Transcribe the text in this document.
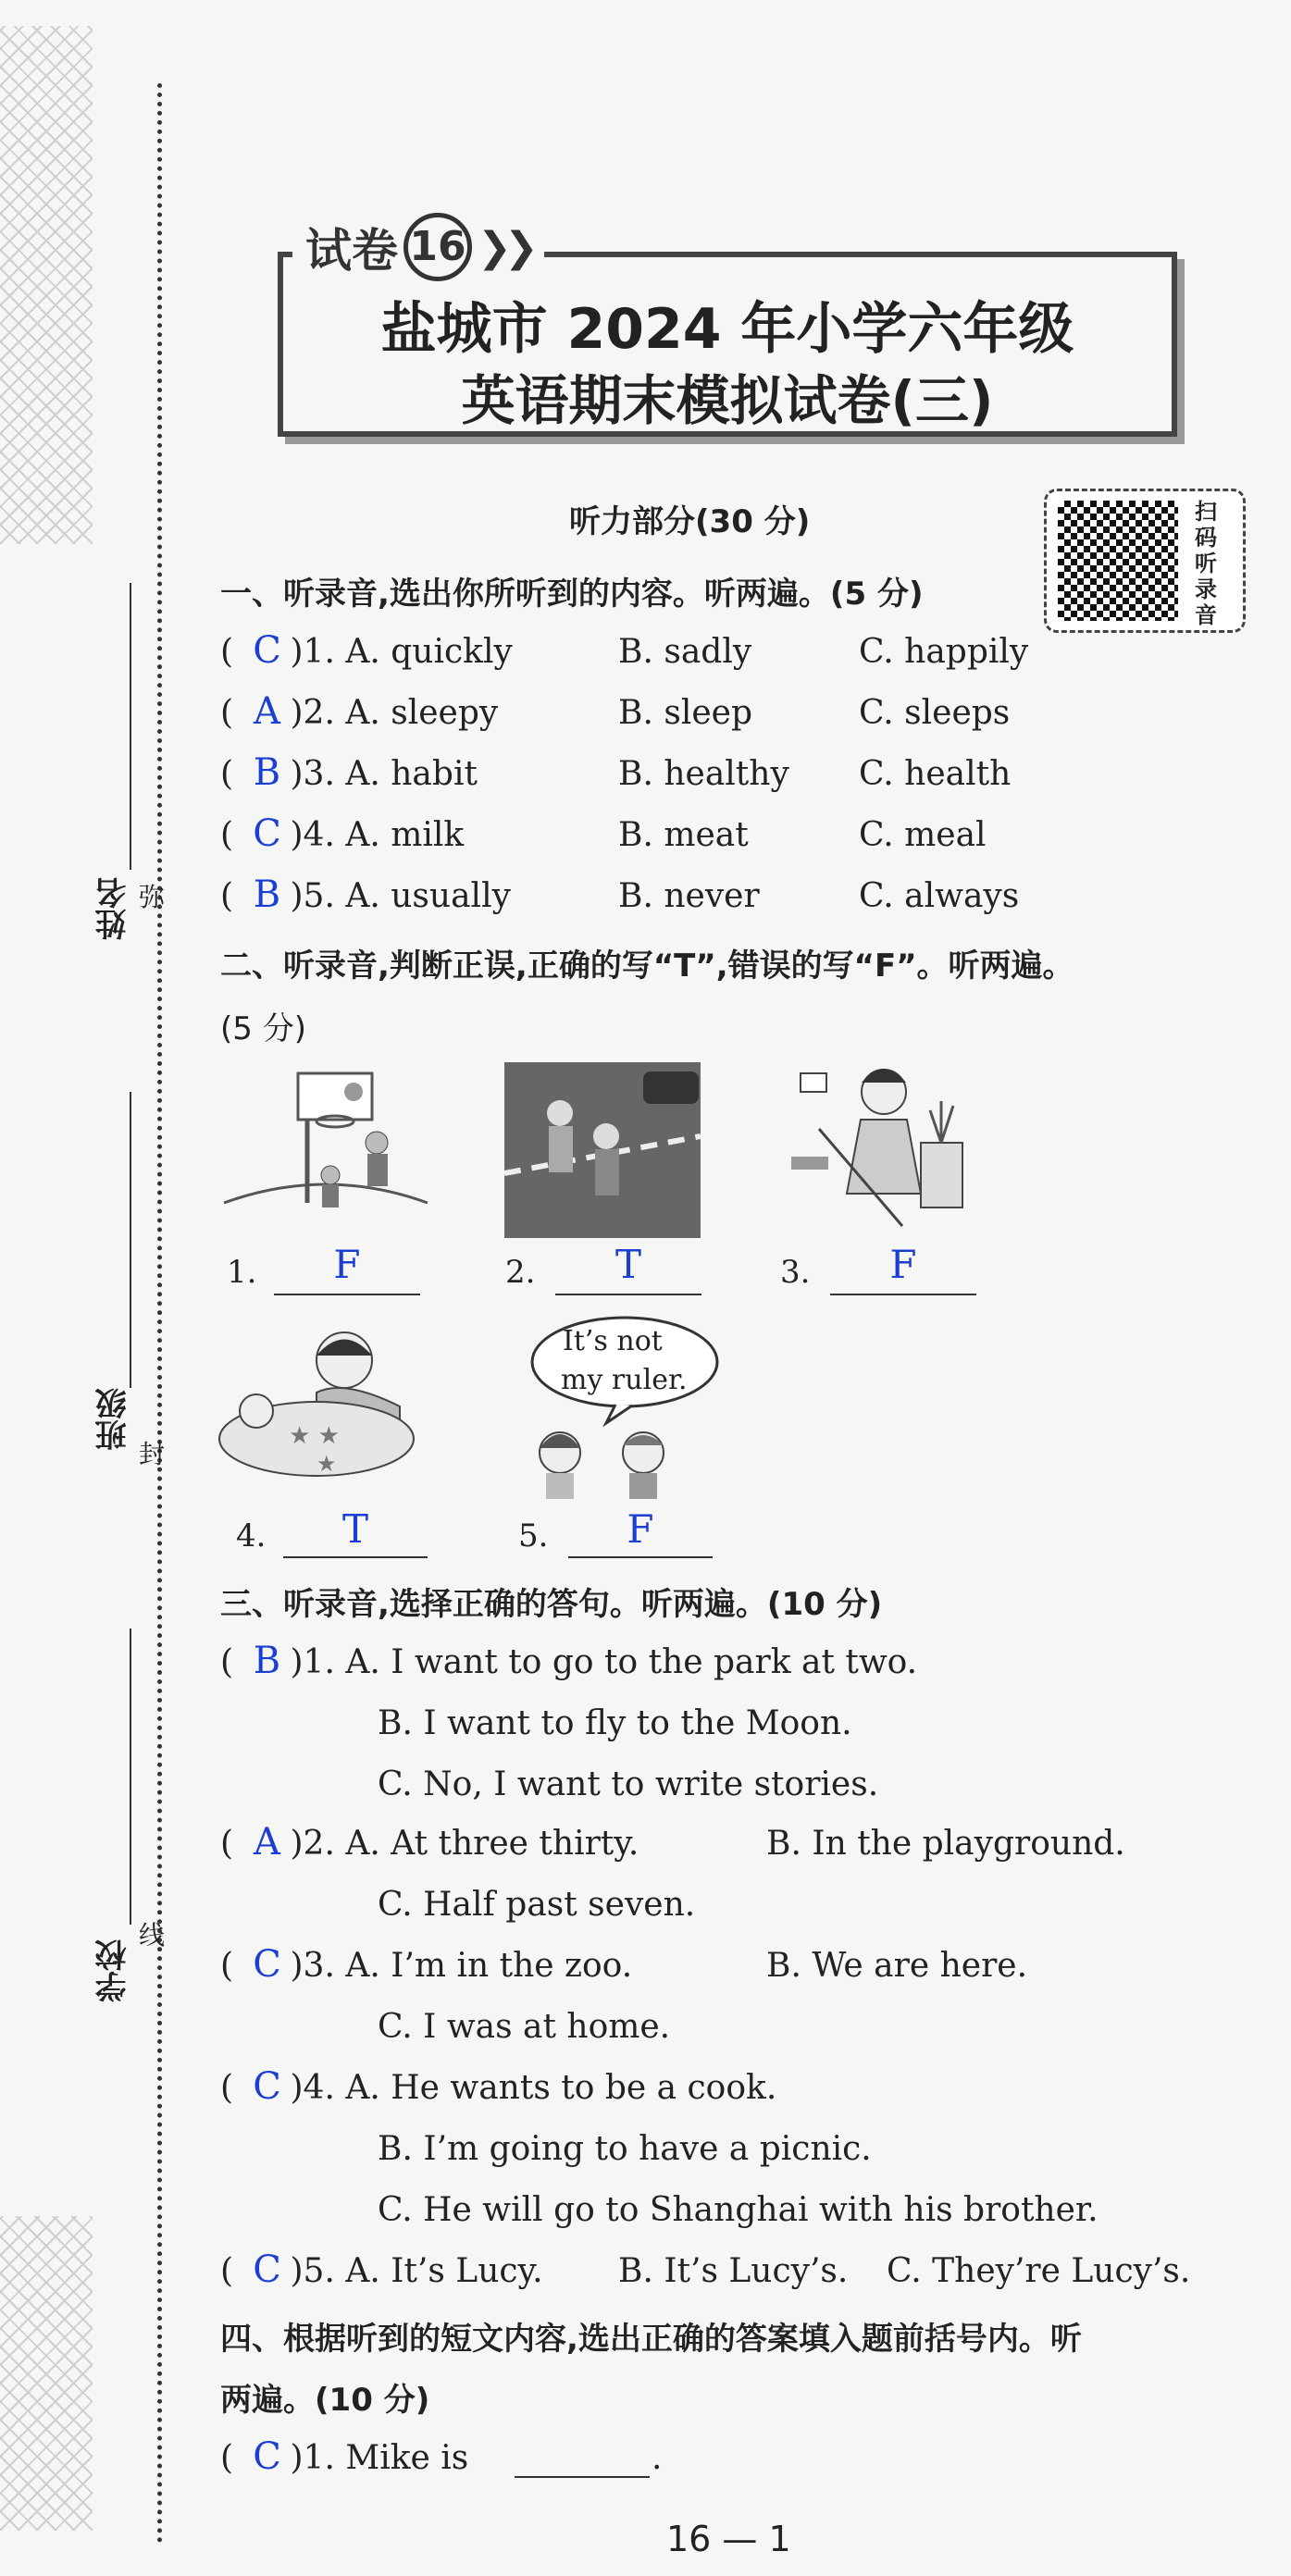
姓名
班级
学校
弥
封
线
试卷 16 ❯❯
盐城市 2024 年小学六年级
英语期末模拟试卷(三)
听力部分(30 分)	扫码听录音
一、听录音,选出你所听到的内容。听两遍。(5 分)
( C )1. A. quickly	B. sadly	C. happily
( A )2. A. sleepy	B. sleep	C. sleeps
( B )3. A. habit	B. healthy C. health
( C )4. A. milk	B. meat	C. meal
( B )5. A. usually	B. never	C. always
二、听录音,判断正误,正确的写“T”,错误的写“F”。听两遍。
(5 分)
1.	F	2.	T	3.	F
★ ★
★
It’s not
my ruler.
4.	T	5.	F
三、听录音,选择正确的答句。听两遍。(10 分)
( B )1. A. I want to go to the park at two.
B. I want to fly to the Moon.
C. No, I want to write stories.
( A )2. A. At three thirty.	B. In the playground.
C. Half past seven.
( C )3. A. I’m in the zoo.	B. We are here.
C. I was at home.
( C )4. A. He wants to be a cook.
B. I’m going to have a picnic.
C. He will go to Shanghai with his brother.
( C )5. A. It’s Lucy. B. It’s Lucy’s. C. They’re Lucy’s.
四、根据听到的短文内容,选出正确的答案填入题前括号内。听
两遍。(10 分)
( C )1. Mike is	.
16 — 1
